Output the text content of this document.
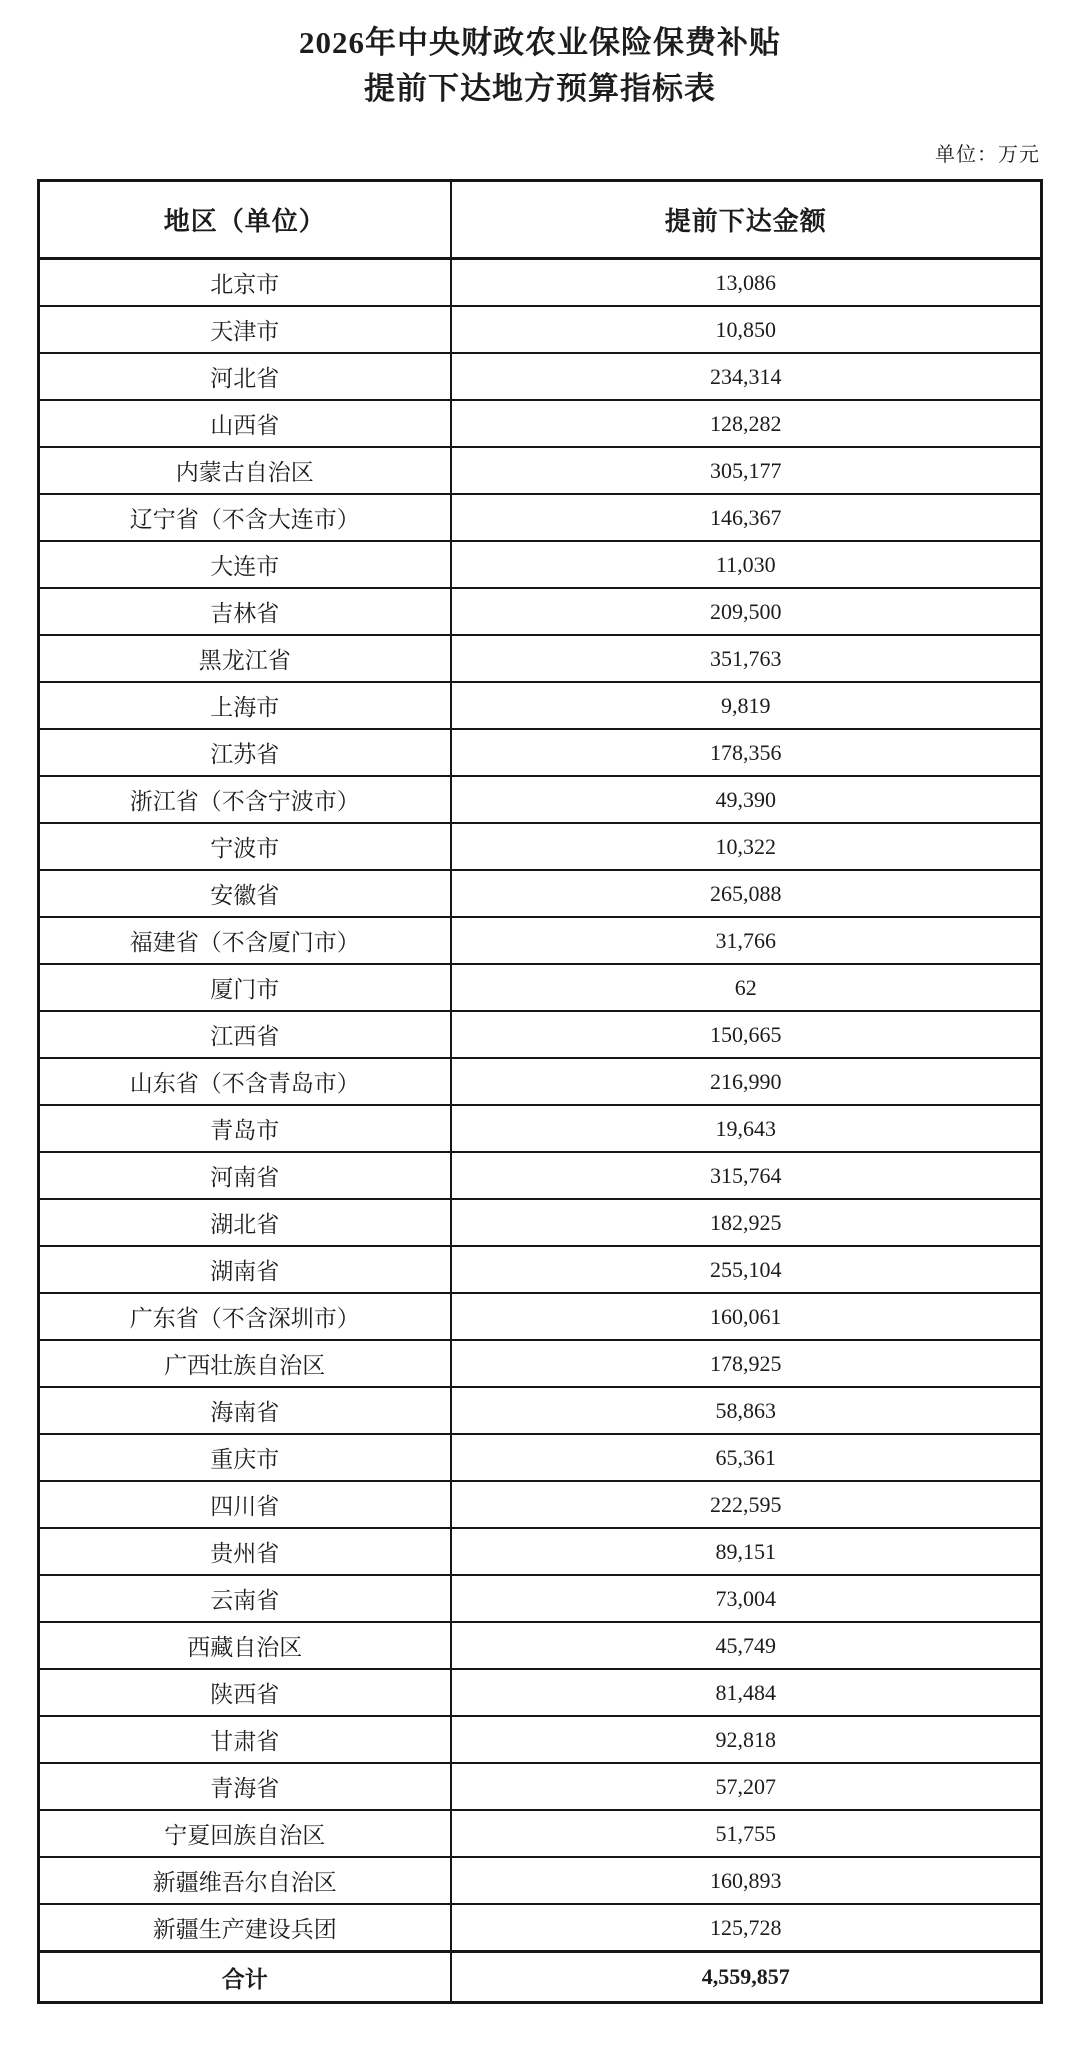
2026年中央财政农业保险保费补贴
提前下达地方预算指标表
单位：万元
地区（单位）	提前下达金额
北京市	13,086
天津市	10,850
河北省	234,314
山西省	128,282
内蒙古自治区	305,177
辽宁省（不含大连市）	146,367
大连市	11,030
吉林省	209,500
黑龙江省	351,763
上海市	9,819
江苏省	178,356
浙江省（不含宁波市）	49,390
宁波市	10,322
安徽省	265,088
福建省（不含厦门市）	31,766
厦门市	62
江西省	150,665
山东省（不含青岛市）	216,990
青岛市	19,643
河南省	315,764
湖北省	182,925
湖南省	255,104
广东省（不含深圳市）	160,061
广西壮族自治区	178,925
海南省	58,863
重庆市	65,361
四川省	222,595
贵州省	89,151
云南省	73,004
西藏自治区	45,749
陕西省	81,484
甘肃省	92,818
青海省	57,207
宁夏回族自治区	51,755
新疆维吾尔自治区	160,893
新疆生产建设兵团	125,728
合计	4,559,857
